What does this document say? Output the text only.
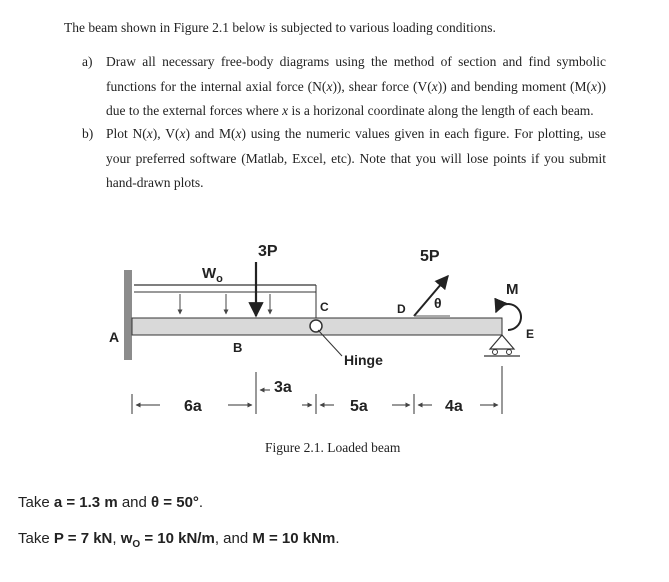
The beam shown in Figure 2.1 below is subjected to various loading conditions.
a) Draw all necessary free-body diagrams using the method of section and find symbolic functions for the internal axial force (N(x)), shear force (V(x)) and bending moment (M(x)) due to the external forces where x is a horizonal coordinate along the length of each beam.
b) Plot N(x), V(x) and M(x) using the numeric values given in each figure. For plotting, use your preferred software (Matlab, Excel, etc). Note that you will lose points if you submit hand-drawn plots.
3P	5P
$W_o$
M
A
B
C	D
E
θ
Hinge
3a
6a	5a	4a
Figure 2.1. Loaded beam
Take a = 1.3 m and θ = 50°.
Take P = 7 kN, $w_O = 10$ kN/m, and M = 10 kNm.
